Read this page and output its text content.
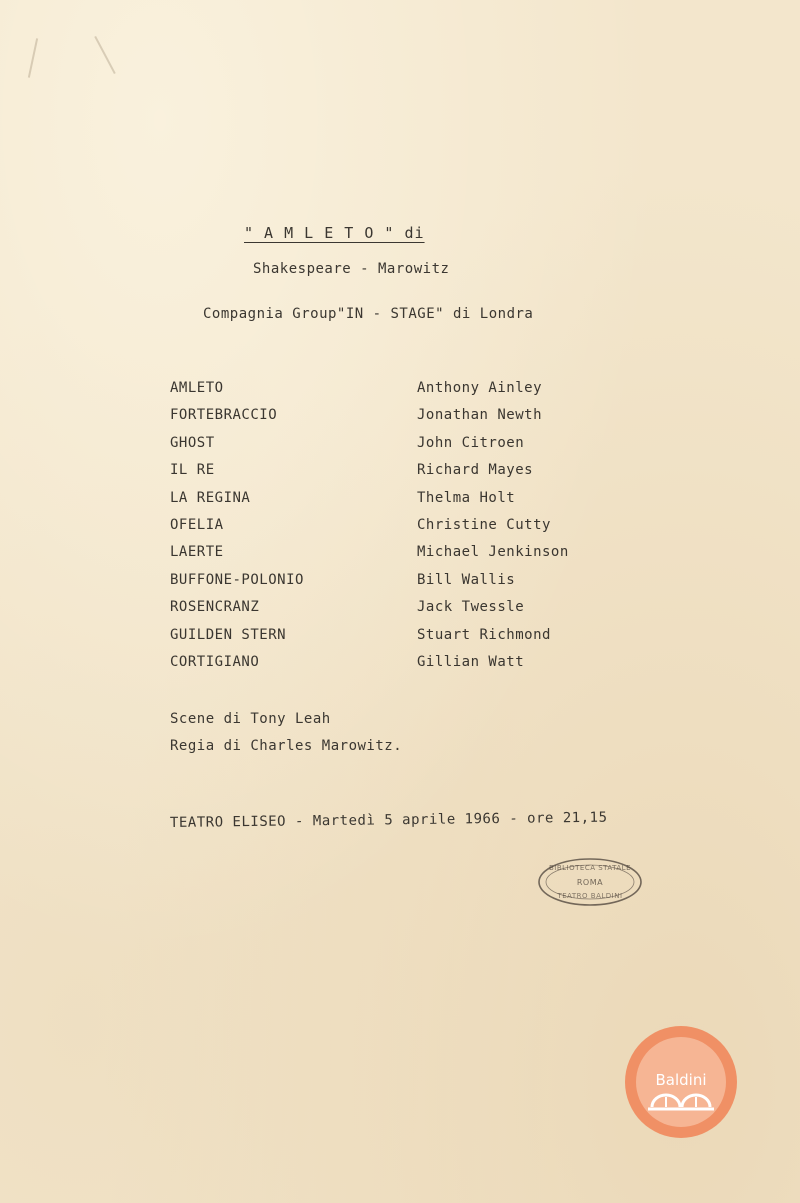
" A M L E T O " di
Shakespeare - Marowitz
Compagnia Group"IN - STAGE" di Londra
AMLETO	Anthony Ainley
FORTEBRACCIO	Jonathan Newth
GHOST	John Citroen
IL RE	Richard Mayes
LA REGINA	Thelma Holt
OFELIA	Christine Cutty
LAERTE	Michael Jenkinson
BUFFONE-POLONIO	Bill Wallis
ROSENCRANZ	Jack Twessle
GUILDEN STERN	Stuart Richmond
CORTIGIANO	Gillian Watt
Scene di Tony Leah
Regia di Charles Marowitz.
TEATRO ELISEO - Martedì 5 aprile 1966 - ore 21,15
BIBLIOTECA STATALE
ROMA
TEATRO BALDINI
Baldini
